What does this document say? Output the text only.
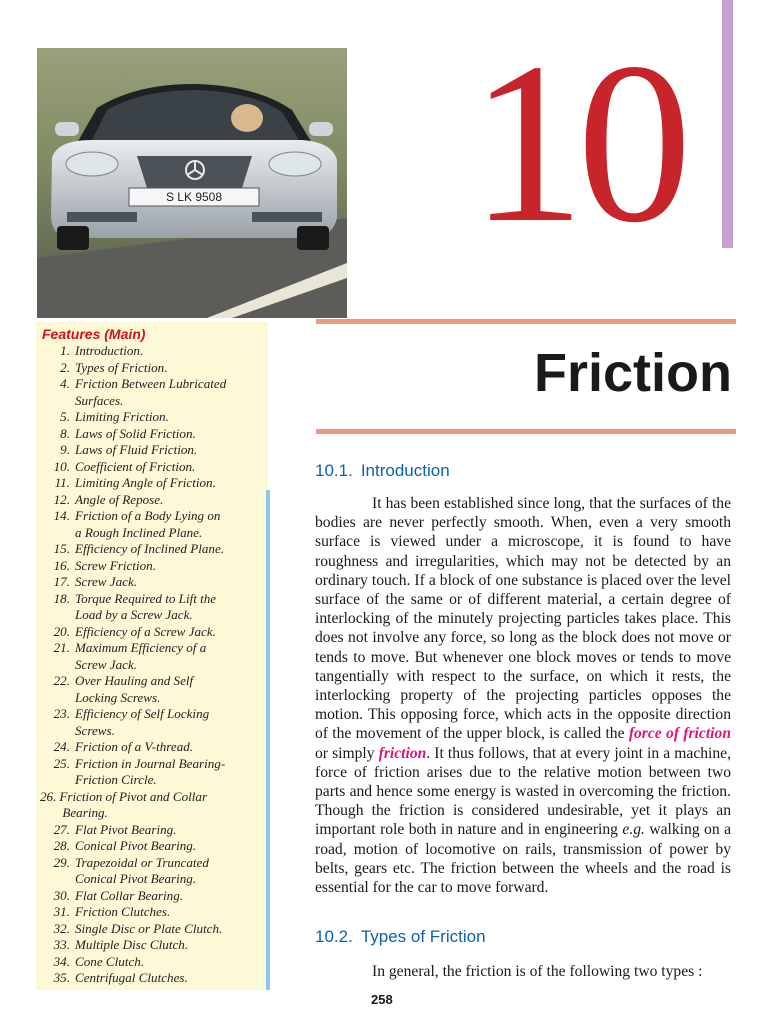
S LK 9508 10
Friction
Features (Main)
1. Introduction.
2. Types of Friction.
4. Friction Between Lubricated
Surfaces.
5. Limiting Friction.
8. Laws of Solid Friction.
9. Laws of Fluid Friction.
10. Coefficient of Friction.
11. Limiting Angle of Friction.
12. Angle of Repose.
14. Friction of a Body Lying on
a Rough Inclined Plane.
15. Efficiency of Inclined Plane.
16. Screw Friction.
17. Screw Jack.
18. Torque Required to Lift the
Load by a Screw Jack.
20. Efficiency of a Screw Jack.
21. Maximum Efficiency of a
Screw Jack.
22. Over Hauling and Self
Locking Screws.
23. Efficiency of Self Locking
Screws.
24. Friction of a V-thread.
25. Friction in Journal Bearing-
Friction Circle.
26. Friction of Pivot and Collar
Bearing.
27. Flat Pivot Bearing.
28. Conical Pivot Bearing.
29. Trapezoidal or Truncated
Conical Pivot Bearing.
30. Flat Collar Bearing.
31. Friction Clutches.
32. Single Disc or Plate Clutch.
33. Multiple Disc Clutch.
34. Cone Clutch.
35. Centrifugal Clutches.
10.1. Introduction
It has been established since long, that the surfaces of the bodies are never perfectly smooth. When, even a very smooth surface is viewed under a microscope, it is found to have roughness and irregularities, which may not be detected by an ordinary touch. If a block of one substance is placed over the level surface of the same or of different material, a certain degree of interlocking of the minutely projecting particles takes place. This does not involve any force, so long as the block does not move or tends to move. But whenever one block moves or tends to move tangentially with respect to the surface, on which it rests, the interlocking property of the projecting particles opposes the motion. This opposing force, which acts in the opposite direction of the movement of the upper block, is called the force of friction or simply friction. It thus follows, that at every joint in a machine, force of friction arises due to the relative motion between two parts and hence some energy is wasted in overcoming the friction. Though the friction is considered undesirable, yet it plays an important role both in nature and in engineering e.g. walking on a road, motion of locomotive on rails, transmission of power by belts, gears etc. The friction between the wheels and the road is essential for the car to move forward.
10.2. Types of Friction
In general, the friction is of the following two types :
258
